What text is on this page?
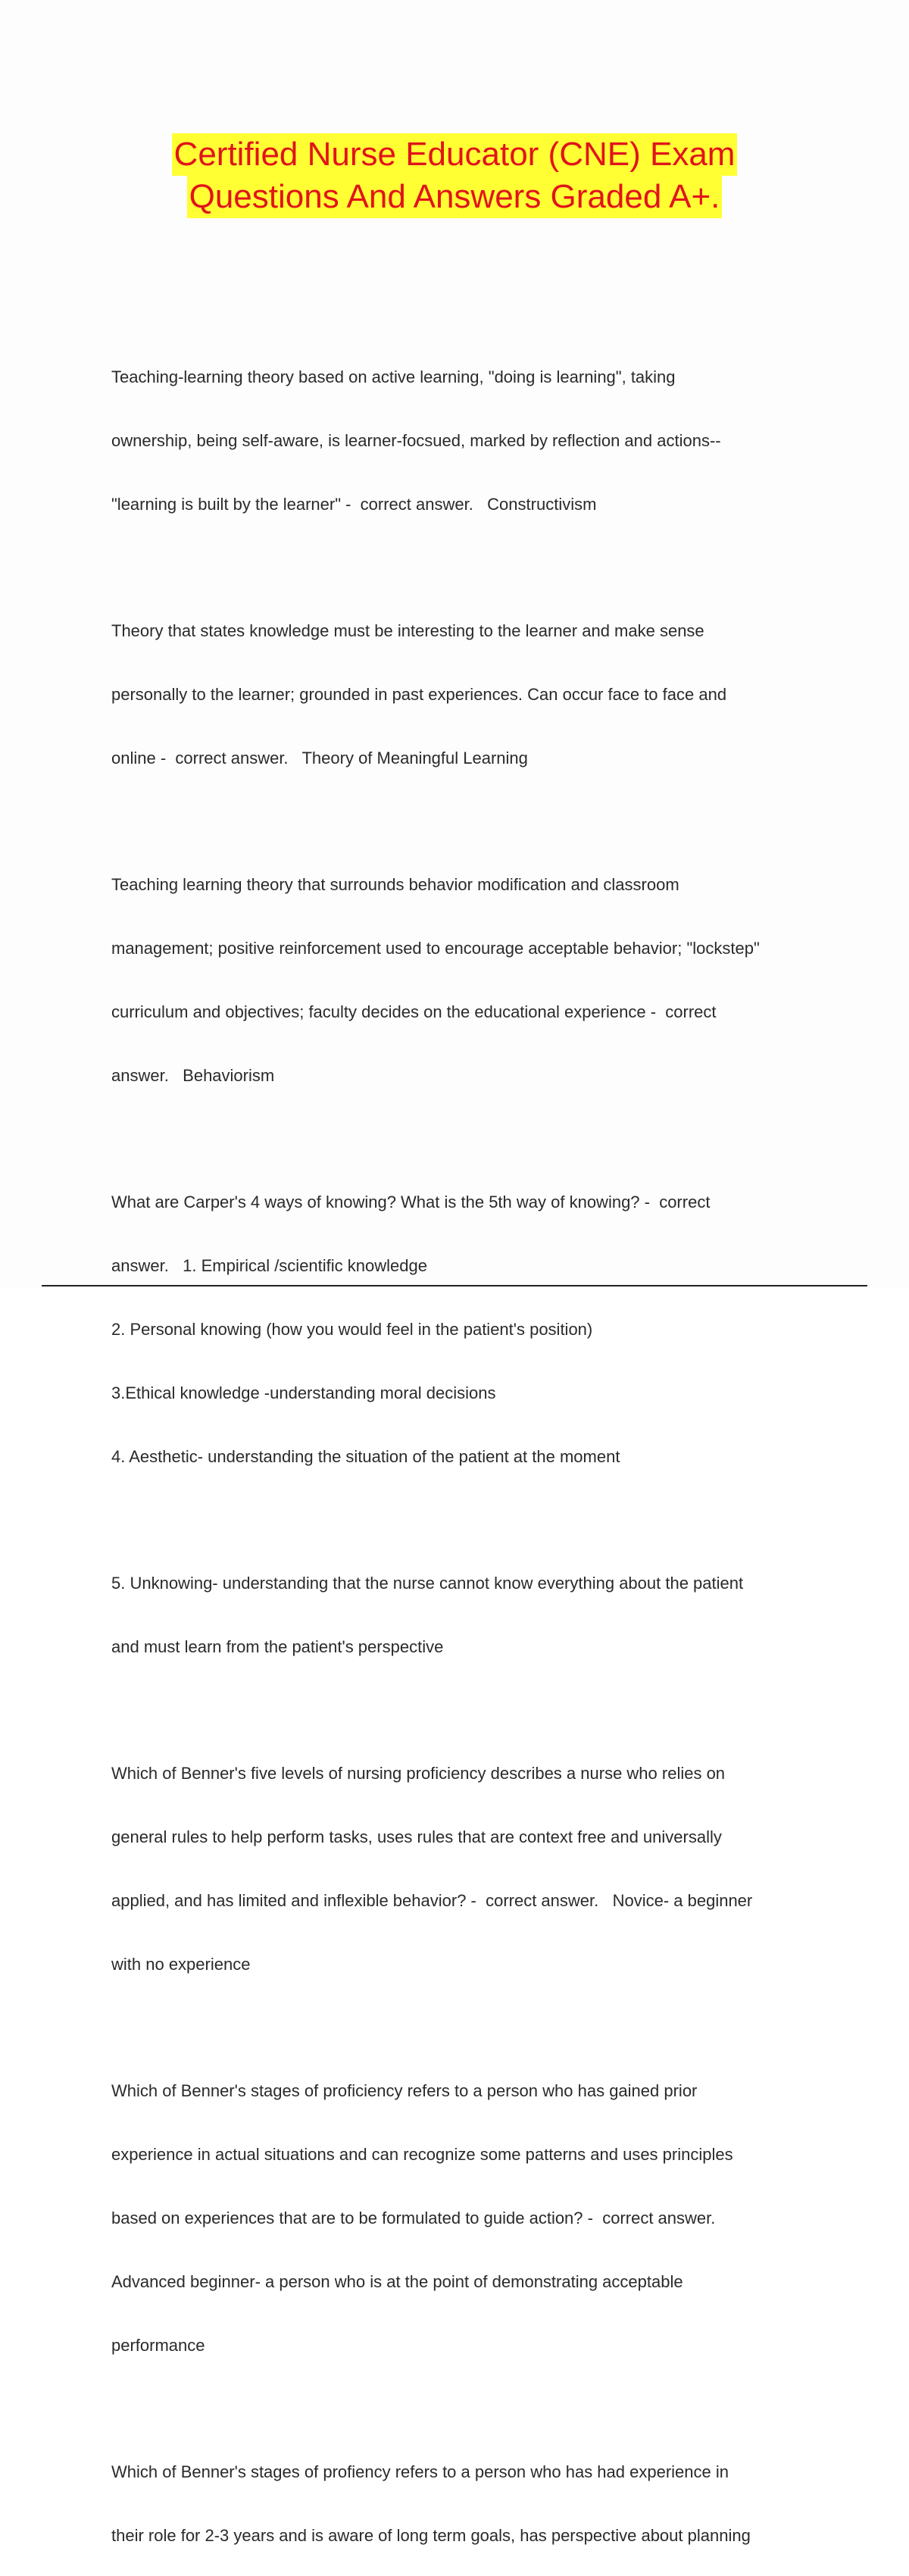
Certified Nurse Educator (CNE) Exam
Questions And Answers Graded A+.

Teaching-learning theory based on active learning, "doing is learning", taking

ownership, being self-aware, is learner-focsued, marked by reflection and actions--

"learning is built by the learner" -  correct answer.   Constructivism

Theory that states knowledge must be interesting to the learner and make sense

personally to the learner; grounded in past experiences. Can occur face to face and

online -  correct answer.   Theory of Meaningful Learning

Teaching learning theory that surrounds behavior modification and classroom

management; positive reinforcement used to encourage acceptable behavior; "lockstep"

curriculum and objectives; faculty decides on the educational experience -  correct

answer.   Behaviorism

What are Carper's 4 ways of knowing? What is the 5th way of knowing? -  correct

answer.   1. Empirical /scientific knowledge

2. Personal knowing (how you would feel in the patient's position)

3.Ethical knowledge -understanding moral decisions

4. Aesthetic- understanding the situation of the patient at the moment

5. Unknowing- understanding that the nurse cannot know everything about the patient

and must learn from the patient's perspective

Which of Benner's five levels of nursing proficiency describes a nurse who relies on

general rules to help perform tasks, uses rules that are context free and universally

applied, and has limited and inflexible behavior? -  correct answer.   Novice- a beginner

with no experience

Which of Benner's stages of proficiency refers to a person who has gained prior

experience in actual situations and can recognize some patterns and uses principles

based on experiences that are to be formulated to guide action? -  correct answer.

Advanced beginner- a person who is at the point of demonstrating acceptable

performance

Which of Benner's stages of profiency refers to a person who has had experience in

their role for 2-3 years and is aware of long term goals, has perspective about planning
